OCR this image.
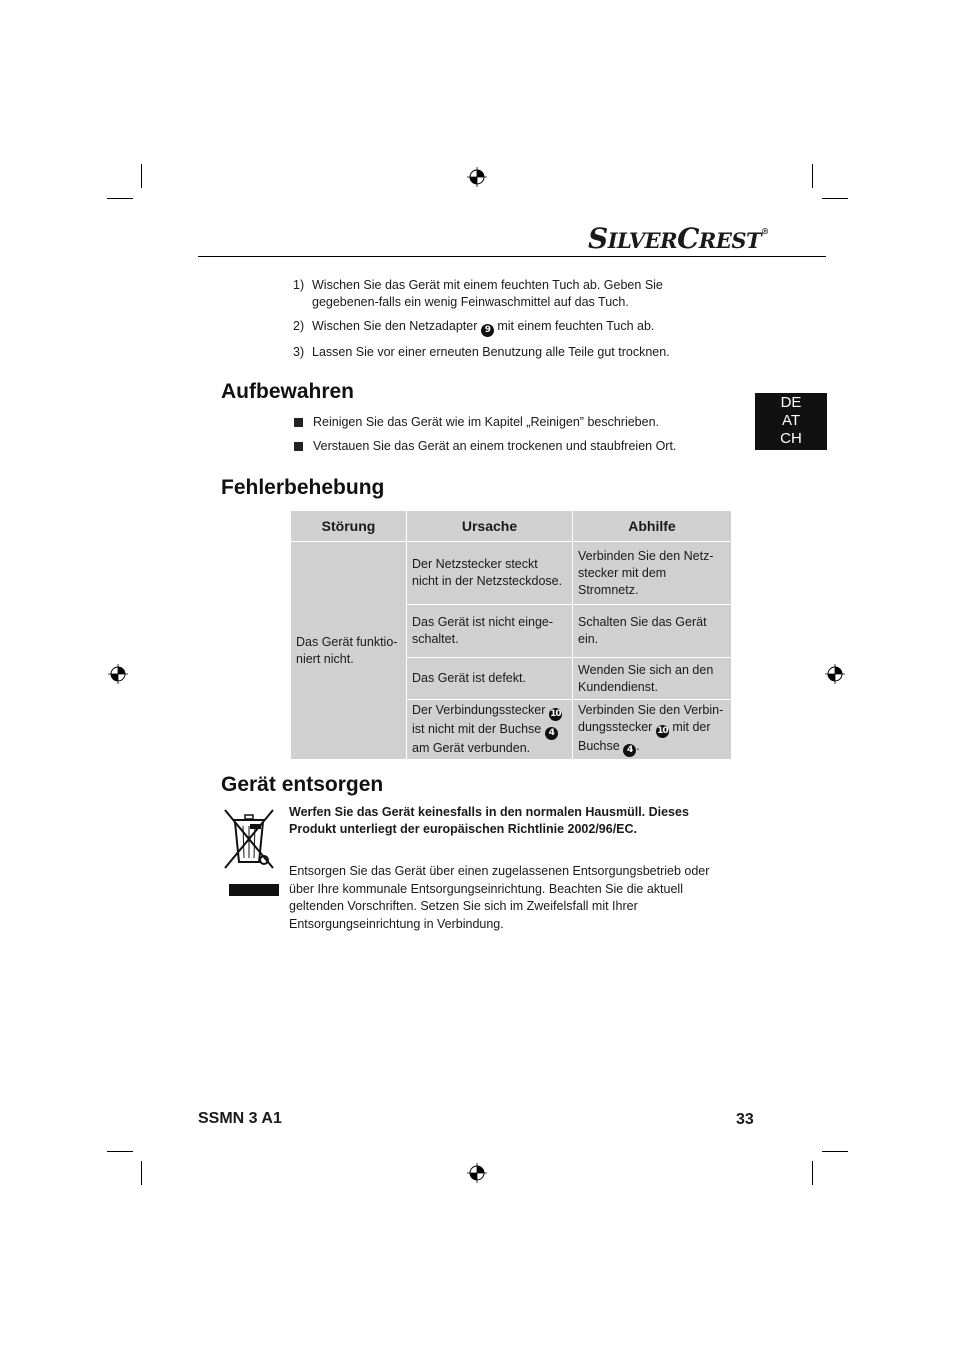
SILVERCREST®
1) Wischen Sie das Gerät mit einem feuchten Tuch ab. Geben Sie gegebenen-falls ein wenig Feinwaschmittel auf das Tuch.
2) Wischen Sie den Netzadapter 9 mit einem feuchten Tuch ab.
3) Lassen Sie vor einer erneuten Benutzung alle Teile gut trocknen.
Aufbewahren
Reinigen Sie das Gerät wie im Kapitel „Reinigen” beschrieben.
Verstauen Sie das Gerät an einem trockenen und staubfreien Ort.
DE
AT
CH
Fehlerbehebung
Störung	Ursache	Abhilfe
Das Gerät funktio-niert nicht.	Der Netzstecker steckt nicht in der Netzsteckdose.	Verbinden Sie den Netz-stecker mit dem Stromnetz.
	Das Gerät ist nicht einge-schaltet.	Schalten Sie das Gerät ein.
	Das Gerät ist defekt.	Wenden Sie sich an den Kundendienst.
	Der Verbindungsstecker 10 ist nicht mit der Buchse 4 am Gerät verbunden.	Verbinden Sie den Verbin-dungsstecker 10 mit der Buchse 4 .
Gerät entsorgen
Werfen Sie das Gerät keinesfalls in den normalen Hausmüll. Dieses Produkt unterliegt der europäischen Richtlinie 2002/96/EC.
Entsorgen Sie das Gerät über einen zugelassenen Entsorgungsbetrieb oder über Ihre kommunale Entsorgungseinrichtung. Beachten Sie die aktuell geltenden Vorschriften. Setzen Sie sich im Zweifelsfall mit Ihrer Entsorgungseinrichtung in Verbindung.
SSMN 3 A1	33
